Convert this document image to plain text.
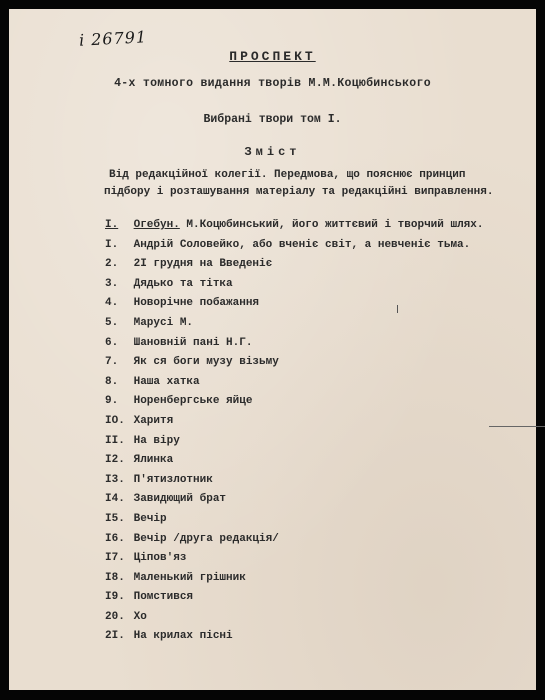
і 26791
ПРОСПЕКТ
4-х томного видання творів М.М.Коцюбинського
Вибрані твори том I.
Зміст
Від редакційної колегії. Передмова, що пояснює принцип
підбору і розташування матеріалу та редакційні виправлення.
I. Огебун. М.Коцюбинський, його життєвий і творчий шлях.
I. Андрій Соловейко, або вченіє світ, а невченіє тьма.
2. 2I грудня на Введеніє
3. Дядько та тітка
4. Новорічне побажання
5. Марусі М.
6. Шановній пані Н.Г.
7. Як ся боги музу візьму
8. Наша хатка
9. Норенбергське яйце
IO. Харитя
II. На віру
I2. Ялинка
I3. П'ятизлотник
I4. Завидющий брат
I5. Вечір
I6. Вечір /друга редакція/
I7. Ціпов'яз
I8. Маленький грішник
I9. Помстився
20. Хо
2I. На крилах пісні
